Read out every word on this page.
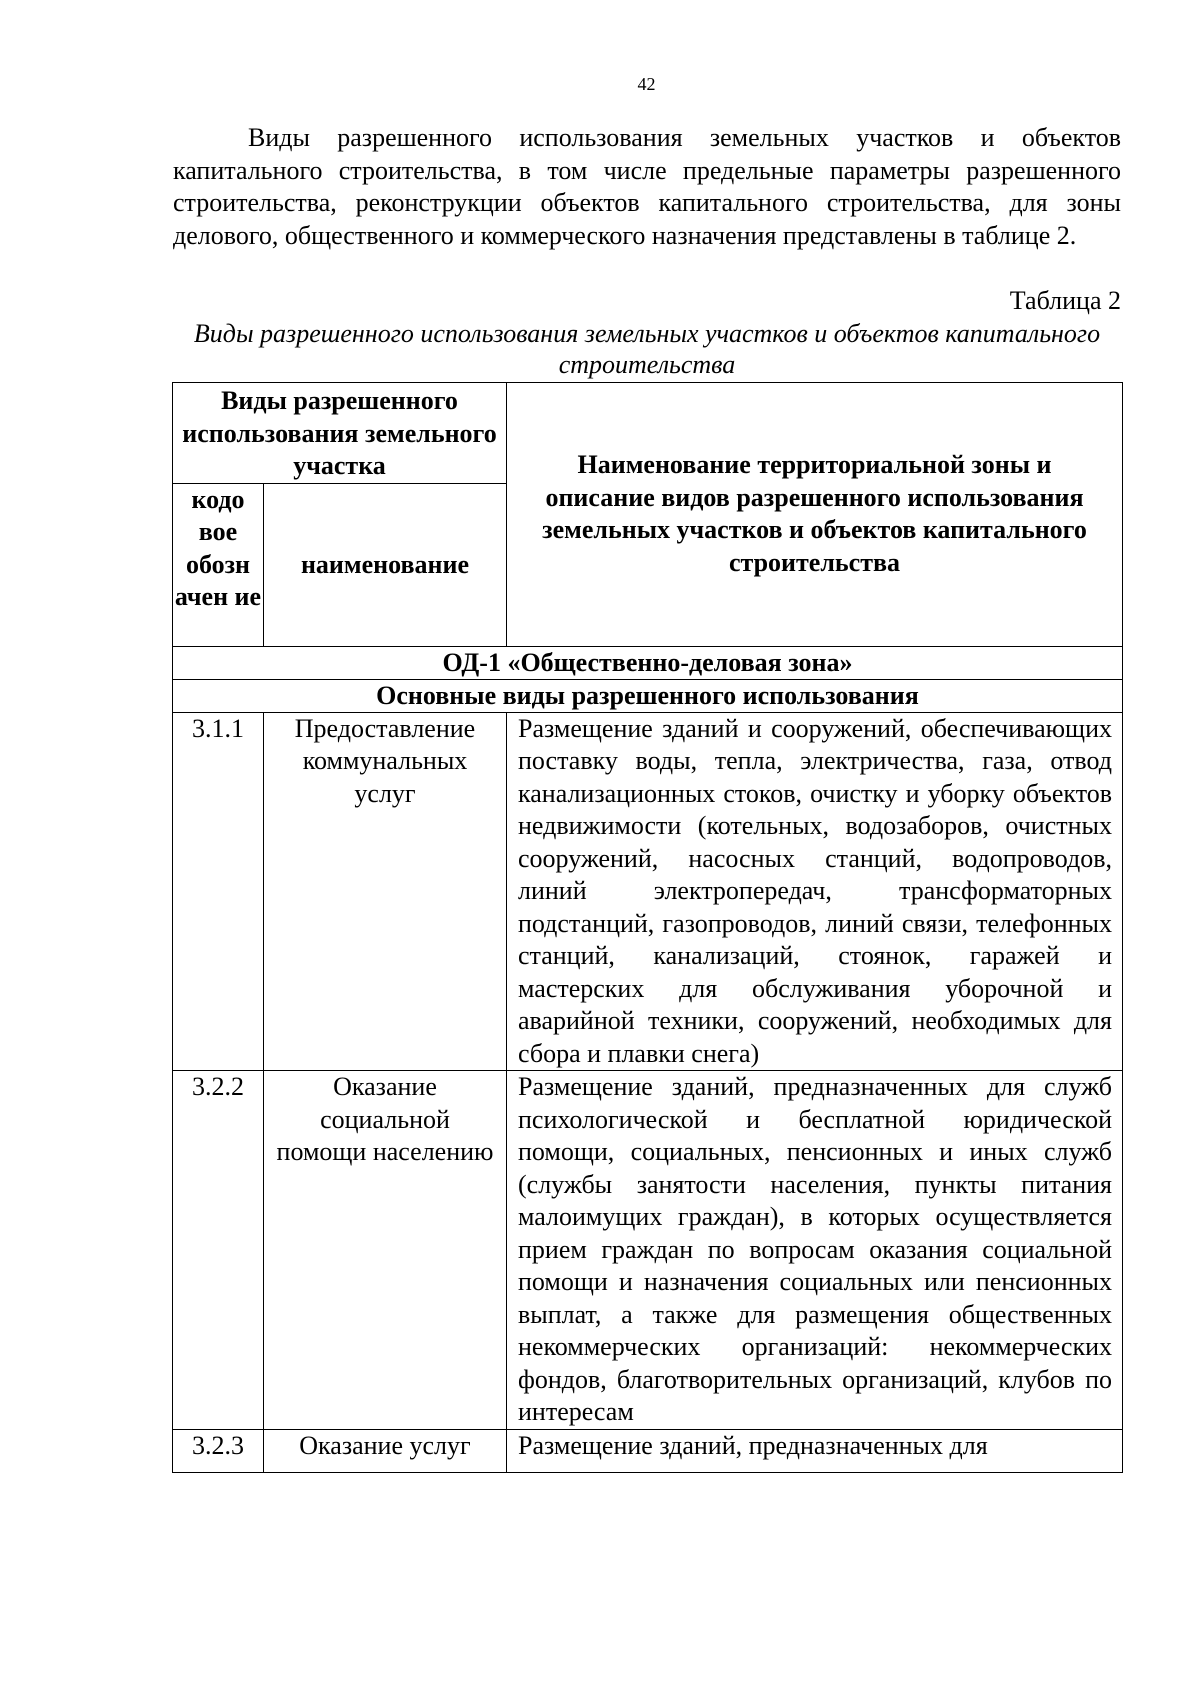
42

Виды разрешенного использования земельных участков и объектов капитального строительства, в том числе предельные параметры разрешенного строительства, реконструкции объектов капитального строительства, для зоны делового, общественного и коммерческого назначения представлены в таблице 2.

Таблица 2
Виды разрешенного использования земельных участков и объектов капитального строительства
Виды разрешенного использования земельного участка		Наименование территориальной зоны и описание видов разрешенного использования земельных участков и объектов капитального строительства
кодо вое обозн ачен ие	наименование	
ОД-1 «Общественно-деловая зона»		
Основные виды разрешенного использования		
3.1.1	Предоставление коммунальных услуг	Размещение зданий и сооружений, обеспечивающих поставку воды, тепла, электричества, газа, отвод канализационных стоков, очистку и уборку объектов недвижимости (котельных, водозаборов, очистных сооружений, насосных станций, водопроводов, линий электропередач, трансформаторных подстанций, газопроводов, линий связи, телефонных станций, канализаций, стоянок, гаражей и мастерских для обслуживания уборочной и аварийной техники, сооружений, необходимых для сбора и плавки снега)
3.2.2	Оказание социальной помощи населению	Размещение зданий, предназначенных для служб психологической и бесплатной юридической помощи, социальных, пенсионных и иных служб (службы занятости населения, пункты питания малоимущих граждан), в которых осуществляется прием граждан по вопросам оказания социальной помощи и назначения социальных или пенсионных выплат, а также для размещения общественных некоммерческих организаций: некоммерческих фондов, благотворительных организаций, клубов по интересам
3.2.3	Оказание услуг	Размещение зданий, предназначенных для
